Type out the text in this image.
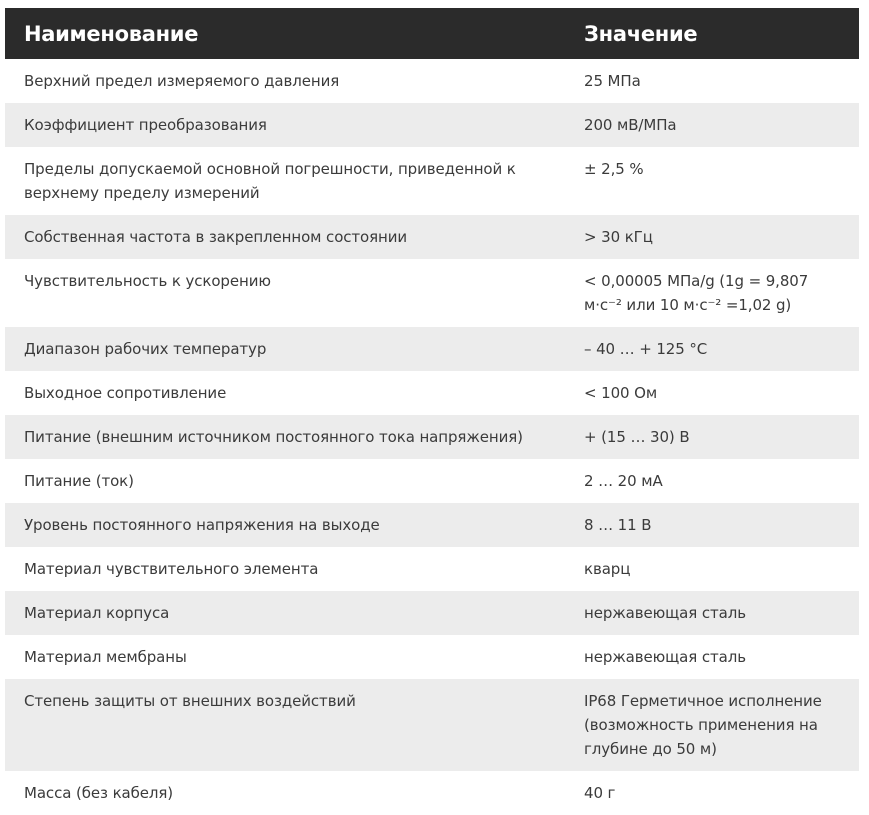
Наименование	Значение
Верхний предел измеряемого давления	25 МПа
Коэффициент преобразования	200 мВ/МПа
Пределы допускаемой основной погрешности, приведенной к верхнему пределу измерений	± 2,5 %
Собственная частота в закрепленном состоянии	> 30 кГц
Чувствительность к ускорению	< 0,00005 МПа/g (1g = 9,807 м·с⁻² или 10 м·с⁻² =1,02 g)
Диапазон рабочих температур	– 40 … + 125 °C
Выходное сопротивление	< 100 Ом
Питание (внешним источником постоянного тока напряжения)	+ (15 … 30) В
Питание (ток)	2 … 20 мА
Уровень постоянного напряжения на выходе	8 … 11 В
Материал чувствительного элемента	кварц
Материал корпуса	нержавеющая сталь
Материал мембраны	нержавеющая сталь
Степень защиты от внешних воздействий	IP68 Герметичное исполнение (возможность применения на глубине до 50 м)
Масса (без кабеля)	40 г
